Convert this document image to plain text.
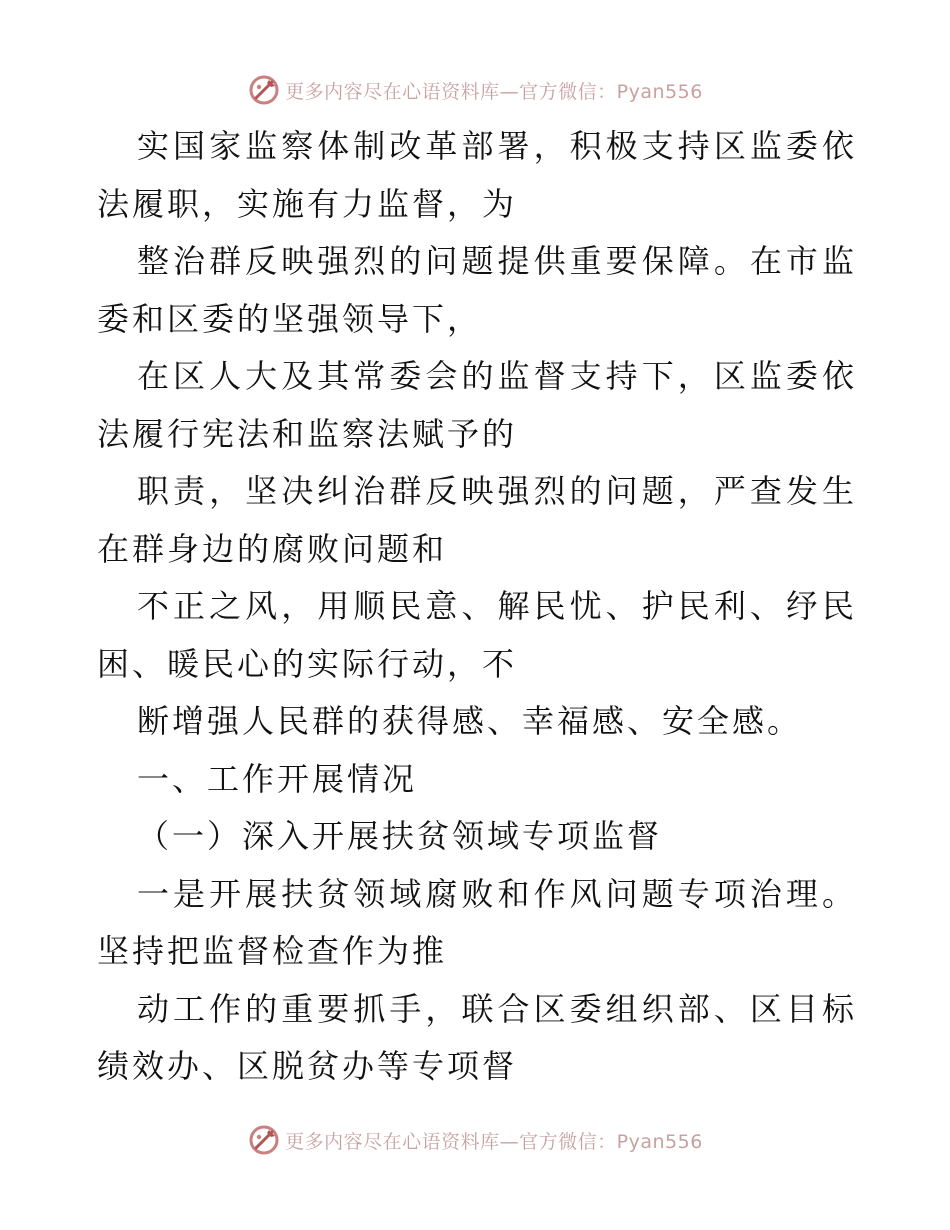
更多内容尽在心语资料库—官方微信：Pyan556

实国家监察体制改革部署，积极支持区监委依法履职，实施有力监督，为

整治群反映强烈的问题提供重要保障。在市监委和区委的坚强领导下，

在区人大及其常委会的监督支持下，区监委依法履行宪法和监察法赋予的

职责，坚决纠治群反映强烈的问题，严查发生在群身边的腐败问题和

不正之风，用顺民意、解民忧、护民利、纾民困、暖民心的实际行动，不

断增强人民群的获得感、幸福感、安全感。

一、工作开展情况

（一）深入开展扶贫领域专项监督

一是开展扶贫领域腐败和作风问题专项治理。坚持把监督检查作为推

动工作的重要抓手，联合区委组织部、区目标绩效办、区脱贫办等专项督

更多内容尽在心语资料库—官方微信：Pyan556
